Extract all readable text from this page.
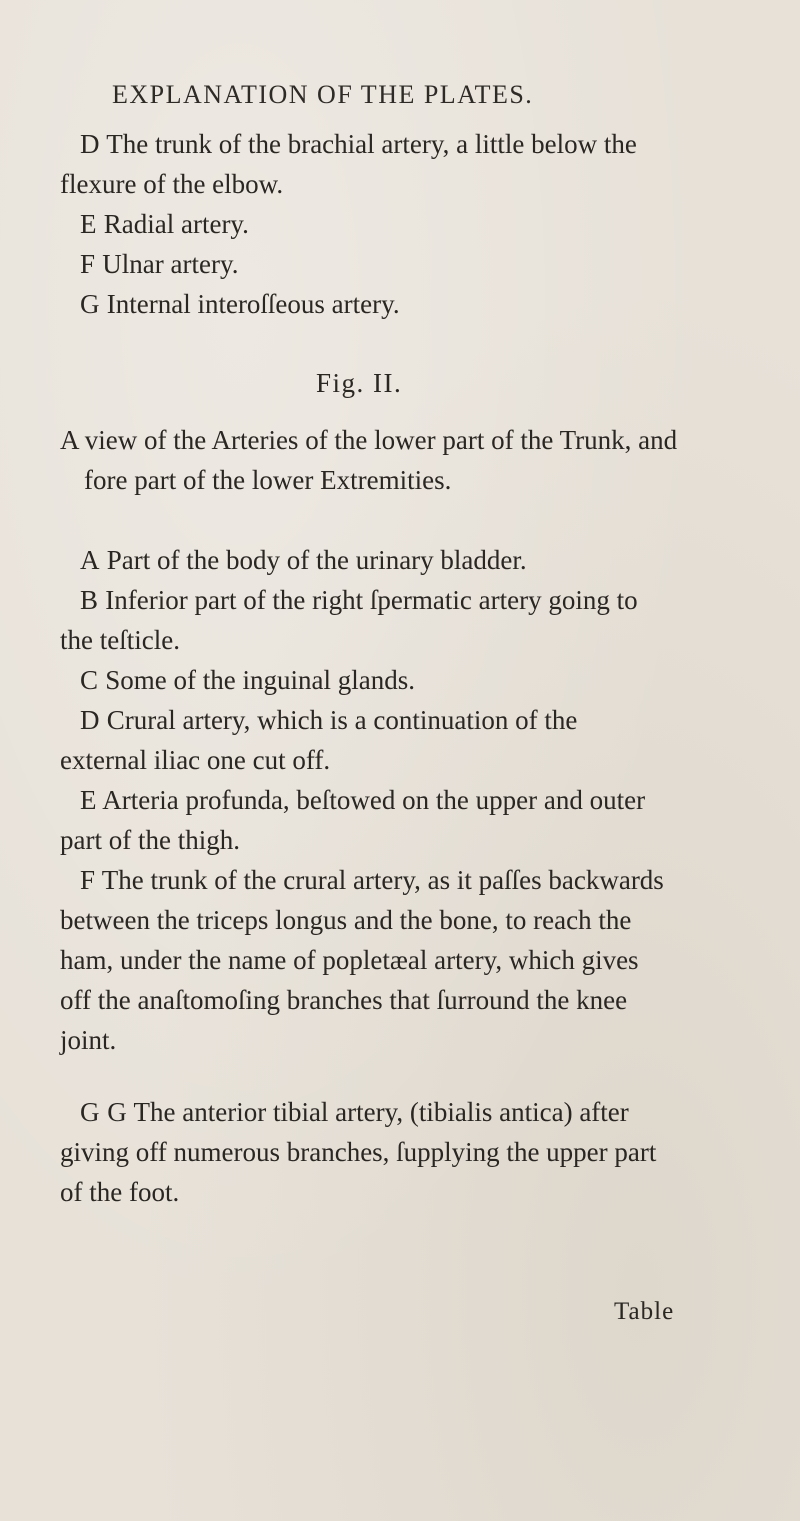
EXPLANATION OF THE PLATES.

D The trunk of the brachial artery, a little below the flexure of the elbow.

E Radial artery.

F Ulnar artery.

G Internal interoſſeous artery.

Fig. II.

A view of the Arteries of the lower part of the Trunk, and fore part of the lower Extremities.

A Part of the body of the urinary bladder.

B Inferior part of the right ſpermatic artery going to the teſticle.

C Some of the inguinal glands.

D Crural artery, which is a continuation of the external iliac one cut off.

E Arteria profunda, beſtowed on the upper and outer part of the thigh.

F The trunk of the crural artery, as it paſſes backwards between the triceps longus and the bone, to reach the ham, under the name of popletæal artery, which gives off the anaſtomoſing branches that ſurround the knee joint.

G G The anterior tibial artery, (tibialis antica) after giving off numerous branches, ſupplying the upper part of the foot.

Table
